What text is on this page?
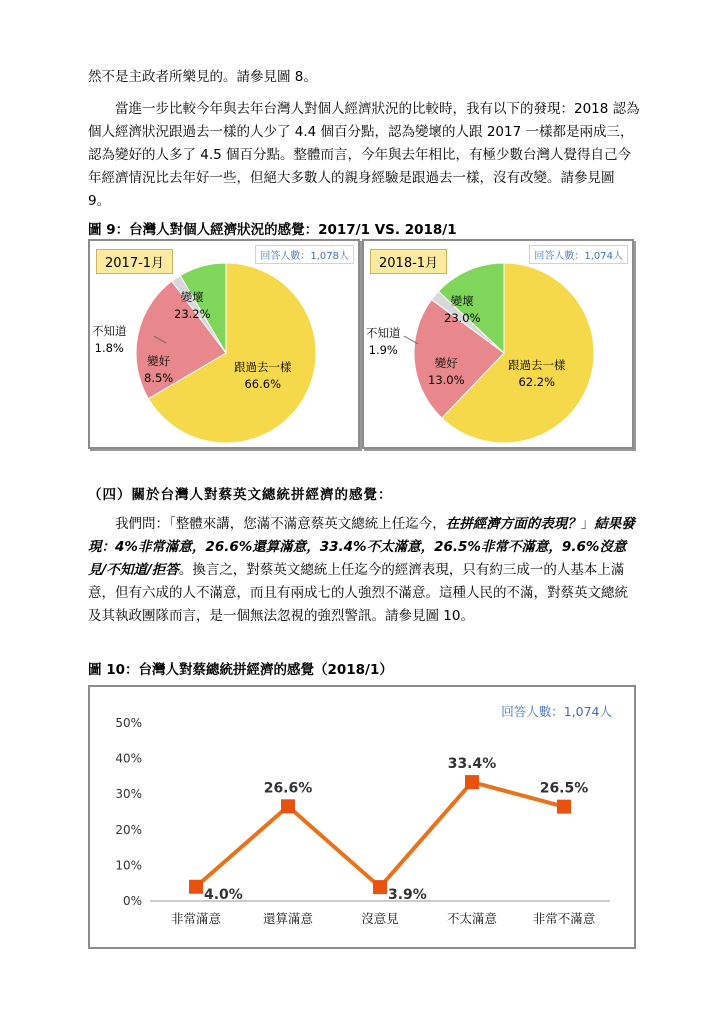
然不是主政者所樂見的。請參見圖 8。
當進一步比較今年與去年台灣人對個人經濟狀況的比較時，我有以下的發現：2018 認為個人經濟狀況跟過去一樣的人少了 4.4 個百分點，認為變壞的人跟 2017 一樣都是兩成三，認為變好的人多了 4.5 個百分點。整體而言，今年與去年相比，有極少數台灣人覺得自己今年經濟情況比去年好一些，但絕大多數人的親身經驗是跟過去一樣，沒有改變。請參見圖 9。
圖 9：台灣人對個人經濟狀況的感覺：2017/1 VS. 2018/1
2017-1月	回答人數：1,078人
變壞
23.2%
不知道
1.8%
變好
8.5%
跟過去一樣
66.6%
2018-1月	回答人數：1,074人
變壞
23.0%
不知道
1.9%
變好
13.0%
跟過去一樣
62.2%
（四）關於台灣人對蔡英文總統拼經濟的感覺：
我們問：「整體來講，您滿不滿意蔡英文總統上任迄今，在拼經濟方面的表現？」結果發現：4%非常滿意，26.6%還算滿意，33.4%不太滿意，26.5%非常不滿意，9.6%沒意見/不知道/拒答。換言之，對蔡英文總統上任迄今的經濟表現，只有約三成一的人基本上滿意，但有六成的人不滿意，而且有兩成七的人強烈不滿意。這種人民的不滿，對蔡英文總統及其執政團隊而言，是一個無法忽視的強烈警訊。請參見圖 10。
圖 10：台灣人對蔡總統拼經濟的感覺（2018/1）
回答人數：1,074人
0%
10%
20%
30%
40%
50%
非常滿意	還算滿意	沒意見	不太滿意	非常不滿意
4.0%
26.6%
3.9%
33.4%
26.5%
